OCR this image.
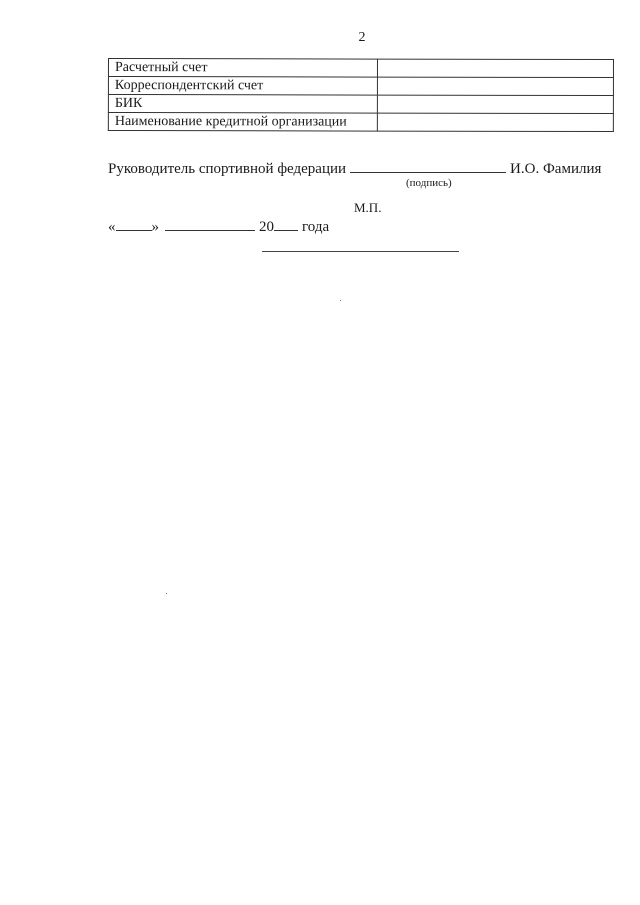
2
Расчетный счет	
Корреспондентский счет	
БИК	
Наименование кредитной организации	
Руководитель спортивной федерации	И.О. Фамилия
(подпись)
М.П.
« »	20 года
